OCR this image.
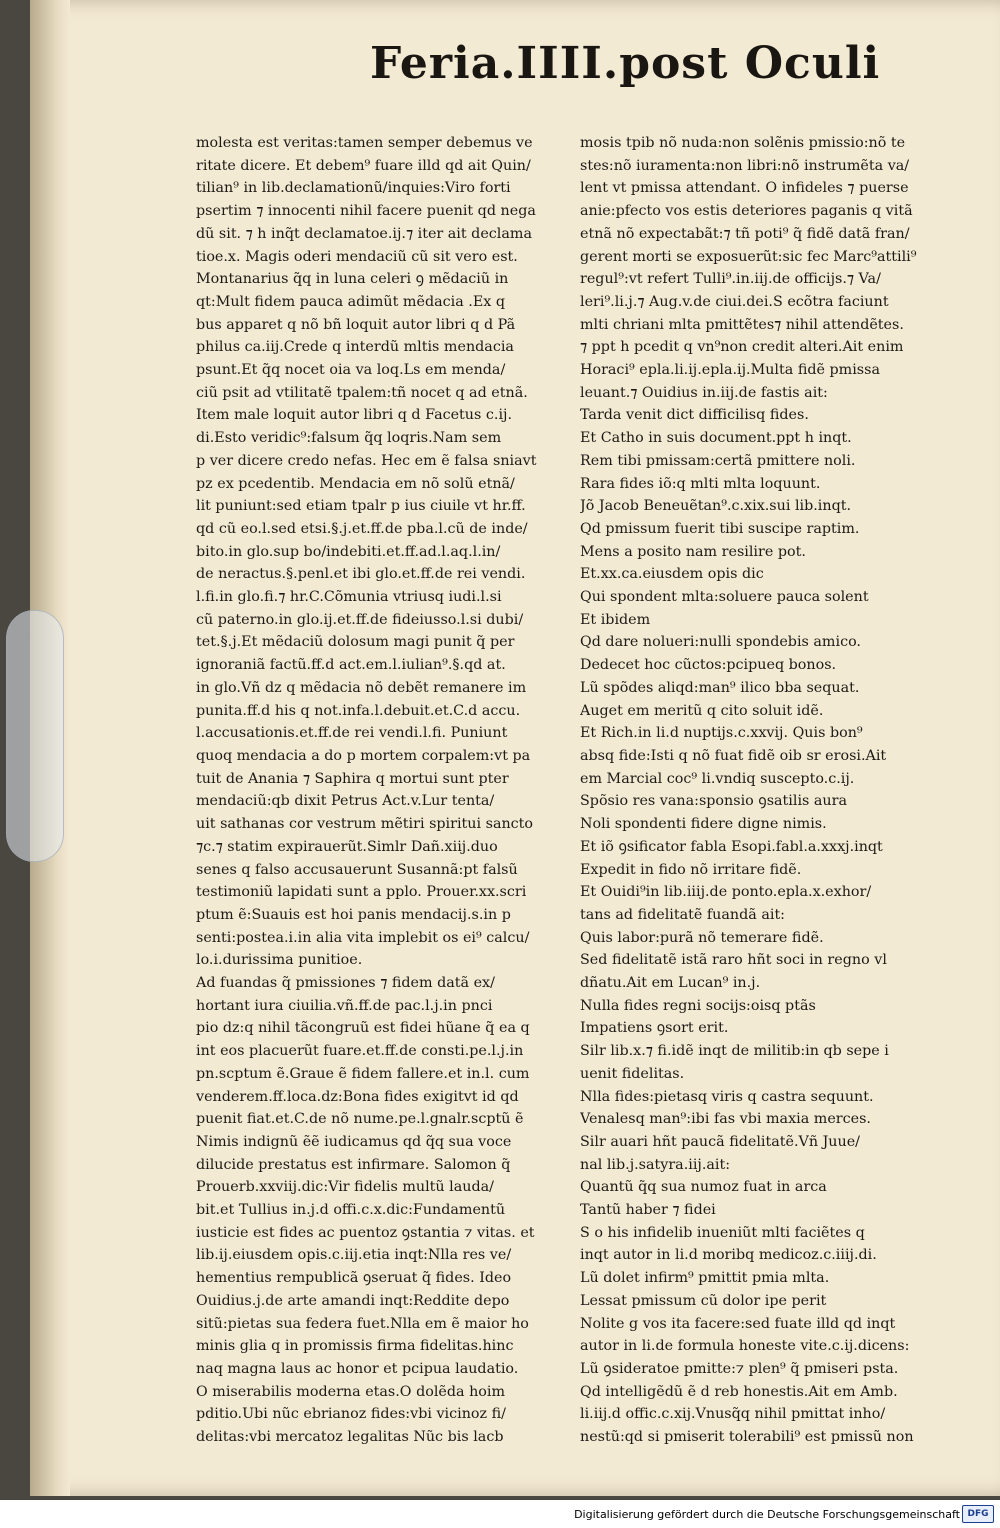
Feria.IIII.post Oculi
molesta est veritas:tamen semper debemus ve
ritate dicere. Et debem⁹ fuare illd qd ait Quin/
tilian⁹ in lib.declamationũ/inquies:Viro forti
psertim ⁊ innocenti nihil facere puenit qd nega
dũ sit. ⁊ h inq̃t declamatoe.ij.⁊ iter ait declama
tioe.x. Magis oderi mendaciũ cũ sit vero est.
Montanarius q̃q in luna celeri ꝯ mẽdaciũ in
qt:Mult fidem pauca adimũt mẽdacia .Ex q
bus apparet q nõ bñ loquit autor libri q d Pã
philus ca.iij.Crede q interdũ mltis mendacia
psunt.Et q̃q nocet oia va loq.Ls em menda/
ciũ psit ad vtilitatẽ tpalem:tñ nocet q ad etnã.
Item male loquit autor libri q d Facetus c.ij.
di.Esto veridic⁹:falsum q̃q loqris.Nam sem
p ver dicere credo nefas. Hec em ẽ falsa sniavt
pz ex pcedentib. Mendacia em nõ solũ etnã/
lit puniunt:sed etiam tpalr p ius ciuile vt hr.ff.
qd cũ eo.l.sed etsi.§.j.et.ff.de pba.l.cũ de inde/
bito.in glo.sup bo/indebiti.et.ff.ad.l.aq.l.in/
de neractus.§.penl.et ibi glo.et.ff.de rei vendi.
l.fi.in glo.fi.⁊ hr.C.Cõmunia vtriusq iudi.l.si
cũ paterno.in glo.ij.et.ff.de fideiusso.l.si dubi/
tet.§.j.Et mẽdaciũ dolosum magi punit q̃ per
ignoraniã factũ.ff.d act.em.l.iulian⁹.§.qd at.
in glo.Vñ dz q mẽdacia nõ debẽt remanere im
punita.ff.d his q not.infa.l.debuit.et.C.d accu.
l.accusationis.et.ff.de rei vendi.l.fi. Puniunt
quoq mendacia a do p mortem corpalem:vt pa
tuit de Anania ⁊ Saphira q mortui sunt pter
mendaciũ:qb dixit Petrus Act.v.Lur tenta/
uit sathanas cor vestrum mẽtiri spiritui sancto
⁊c.⁊ statim expirauerũt.Simlr Dañ.xiij.duo
senes q falso accusauerunt Susannã:pt falsũ
testimoniũ lapidati sunt a pplo. Prouer.xx.scri
ptum ẽ:Suauis est hoi panis mendacij.s.in p
senti:postea.i.in alia vita implebit os ei⁹ calcu/
lo.i.durissima punitioe.
Ad fuandas q̃ pmissiones ⁊ fidem datã ex/
hortant iura ciuilia.vñ.ff.de pac.l.j.in pnci
pio dz:q nihil tãcongruũ est fidei hũane q̃ ea q
int eos placuerũt fuare.et.ff.de consti.pe.l.j.in
pn.scptum ẽ.Graue ẽ fidem fallere.et in.l. cum
venderem.ff.loca.dz:Bona fides exigitvt id qd
puenit fiat.et.C.de nõ nume.pe.l.gnalr.scptũ ẽ
Nimis indignũ ẽẽ iudicamus qd q̃q sua voce
dilucide prestatus est infirmare. Salomon q̃
Prouerb.xxviij.dic:Vir fidelis multũ lauda/
bit.et Tullius in.j.d offi.c.x.dic:Fundamentũ
iusticie est fides ac puentoz ꝯstantia ⁊ vitas. et
lib.ij.eiusdem opis.c.iij.etia inqt:Nlla res ve/
hementius rempublicã ꝯseruat q̃ fides. Ideo
Ouidius.j.de arte amandi inqt:Reddite depo
sitũ:pietas sua federa fuet.Nlla em ẽ maior ho
minis glia q in promissis firma fidelitas.hinc
naq magna laus ac honor et pcipua laudatio.
O miserabilis moderna etas.O dolẽda hoim
pditio.Ubi nũc ebrianoz fides:vbi vicinoz fi/
delitas:vbi mercatoz legalitas Nũc bis lacb
mosis tpib nõ nuda:non solẽnis pmissio:nõ te
stes:nõ iuramenta:non libri:nõ instrumẽta va/
lent vt pmissa attendant. O infideles ⁊ puerse
anie:pfecto vos estis deteriores paganis q vitã
etnã nõ expectabãt:⁊ tñ poti⁹ q̃ fidẽ datã fran/
gerent morti se exposuerũt:sic fec Marc⁹attili⁹
regul⁹:vt refert Tulli⁹.in.iij.de officijs.⁊ Va/
leri⁹.li.j.⁊ Aug.v.de ciui.dei.S ecõtra faciunt
mlti chriani mlta pmittẽtes⁊ nihil attendẽtes.
⁊ ppt h pcedit q vn⁹non credit alteri.Ait enim
Horaci⁹ epla.li.ij.epla.ij.Multa fidẽ pmissa
leuant.⁊ Ouidius in.iij.de fastis ait:
Tarda venit dict difficilisq fides.
Et Catho in suis document.ppt h inqt.
Rem tibi pmissam:certã pmittere noli.
Rara fides iõ:q mlti mlta loquunt.
Jõ Jacob Beneuẽtan⁹.c.xix.sui lib.inqt.
Qd pmissum fuerit tibi suscipe raptim.
Mens a posito nam resilire pot.
Et.xx.ca.eiusdem opis dic
Qui spondent mlta:soluere pauca solent
Et ibidem
Qd dare nolueri:nulli spondebis amico.
Dedecet hoc cũctos:pcipueq bonos.
Lũ spõdes aliqd:man⁹ ilico bba sequat.
Auget em meritũ q cito soluit idẽ.
Et Rich.in li.d nuptijs.c.xxvij. Quis bon⁹
absq fide:Isti q nõ fuat fidẽ oib sr erosi.Ait
em Marcial coc⁹ li.vndiq suscepto.c.ij.
Spõsio res vana:sponsio ꝯsatilis aura
Noli spondenti fidere digne nimis.
Et iõ ꝯsificator fabla Esopi.fabl.a.xxxj.inqt
Expedit in fido nõ irritare fidẽ.
Et Ouidi⁹in lib.iiij.de ponto.epla.x.exhor/
tans ad fidelitatẽ fuandã ait:
Quis labor:purã nõ temerare fidẽ.
Sed fidelitatẽ istã raro hñt soci in regno vl
dñatu.Ait em Lucan⁹ in.j.
Nulla fides regni socijs:oisq ptãs
Impatiens ꝯsort erit.
Silr lib.x.⁊ fi.idẽ inqt de militib:in qb sepe i
uenit fidelitas.
Nlla fides:pietasq viris q castra sequunt.
Venalesq man⁹:ibi fas vbi maxia merces.
Silr auari hñt paucã fidelitatẽ.Vñ Juue/
nal lib.j.satyra.iij.ait:
Quantũ q̃q sua numoz fuat in arca
Tantũ haber ⁊ fidei
S o his infidelib inueniũt mlti faciẽtes q
inqt autor in li.d moribq medicoz.c.iiij.di.
Lũ dolet infirm⁹ pmittit pmia mlta.
Lessat pmissum cũ dolor ipe perit
Nolite g vos ita facere:sed fuate illd qd inqt
autor in li.de formula honeste vite.c.ij.dicens:
Lũ ꝯsideratoe pmitte:⁊ plen⁹ q̃ pmiseri psta.
Qd intelligẽdũ ẽ d reb honestis.Ait em Amb.
li.iij.d offic.c.xij.Vnusq̃q nihil pmittat inho/
nestũ:qd si pmiserit tolerabili⁹ est pmissũ non
Digitalisierung gefördert durch die Deutsche Forschungsgemeinschaft DFG
